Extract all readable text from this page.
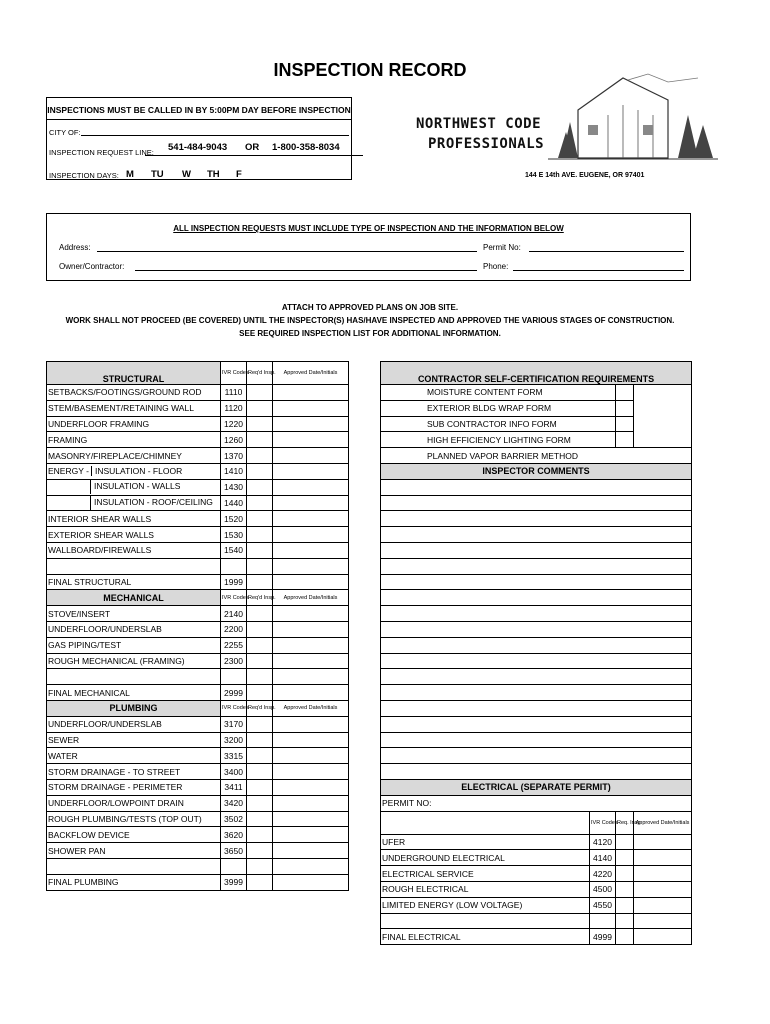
INSPECTION RECORD
INSPECTIONS MUST BE CALLED IN BY 5:00PM DAY BEFORE INSPECTION
CITY OF:
INSPECTION REQUEST LINE: 541-484-9043 OR 1-800-358-8034
INSPECTION DAYS: M TU W TH F
NORTHWEST CODE
PROFESSIONALS
144 E 14th AVE. EUGENE, OR 97401
ALL INSPECTION REQUESTS MUST INCLUDE TYPE OF INSPECTION AND THE INFORMATION BELOW
Address:	Permit No:
Owner/Contractor:	Phone:
ATTACH TO APPROVED PLANS ON JOB SITE.
WORK SHALL NOT PROCEED (BE COVERED) UNTIL THE INSPECTOR(S) HAS/HAVE INSPECTED AND APPROVED THE VARIOUS STAGES OF CONSTRUCTION.
SEE REQUIRED INSPECTION LIST FOR ADDITIONAL INFORMATION.
STRUCTURAL	IVR Codes	Req'd Insp.	Approved Date/Initials
SETBACKS/FOOTINGS/GROUND ROD	1110		
STEM/BASEMENT/RETAINING WALL	1120		
UNDERFLOOR FRAMING	1220		
FRAMING	1260		
MASONRY/FIREPLACE/CHIMNEY	1370		
ENERGY - INSULATION - FLOOR	1410		
INSULATION - WALLS	1430		
INSULATION - ROOF/CEILING	1440		
INTERIOR SHEAR WALLS	1520		
EXTERIOR SHEAR WALLS	1530		
WALLBOARD/FIREWALLS	1540		

FINAL STRUCTURAL	1999		
MECHANICAL	IVR Codes	Req'd Insp.	Approved Date/Initials
STOVE/INSERT	2140		
UNDERFLOOR/UNDERSLAB	2200		
GAS PIPING/TEST	2255		
ROUGH MECHANICAL (FRAMING)	2300		

FINAL MECHANICAL	2999		
PLUMBING	IVR Codes	Req'd Insp.	Approved Date/Initials
UNDERFLOOR/UNDERSLAB	3170		
SEWER	3200		
WATER	3315		
STORM DRAINAGE - TO STREET	3400		
STORM DRAINAGE - PERIMETER	3411		
UNDERFLOOR/LOWPOINT DRAIN	3420		
ROUGH PLUMBING/TESTS (TOP OUT)	3502		
BACKFLOW DEVICE	3620		
SHOWER PAN	3650		

FINAL PLUMBING	3999		
CONTRACTOR SELF-CERTIFICATION REQUIREMENTS			
MOISTURE CONTENT FORM			
EXTERIOR BLDG WRAP FORM			
SUB CONTRACTOR INFO FORM			
HIGH EFFICIENCY LIGHTING FORM			
PLANNED VAPOR BARRIER METHOD			
INSPECTOR COMMENTS			

ELECTRICAL (SEPARATE PERMIT)			
PERMIT NO:			
	IVR Codes	Req. Insp	Approved Date/Initials
UFER	4120		
UNDERGROUND ELECTRICAL	4140		
ELECTRICAL SERVICE	4220		
ROUGH ELECTRICAL	4500		
LIMITED ENERGY (LOW VOLTAGE)	4550		

FINAL ELECTRICAL	4999		
